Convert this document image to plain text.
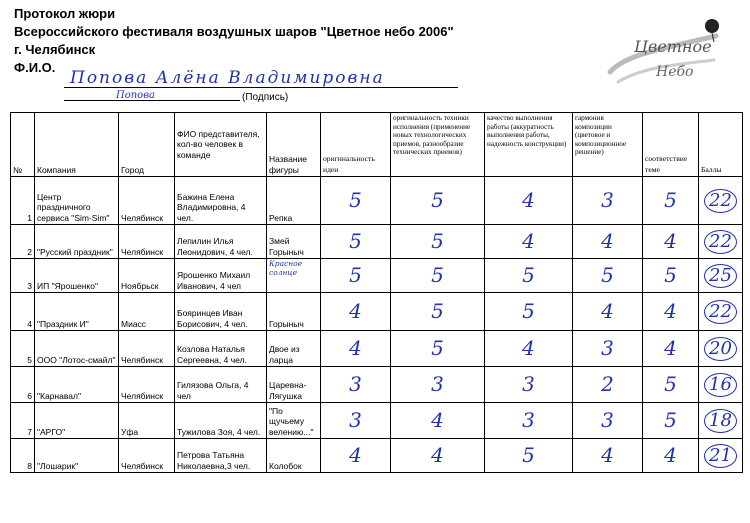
Протокол жюри
Всероссийского фестиваля воздушных шаров "Цветное небо 2006"
г. Челябинск
Ф.И.О.
Попова Алёна Владимировна
Попова	(Подпись)
Цветное
Небо
№	Компания	Город	ФИО представителя, кол-во человек в команде	Название фигуры	оригинальность идеи	оригинальность техники исполнения (применение новых технологических приемов, разнообразие технических приемов)	качество выполнения работы (аккуратность выполнения работы, надежность конструкции)	гармония композиции (цветовое и композиционное решение)	соответствие теме	Баллы
1	Центр праздничного сервиса "Sim-Sim"	Челябинск	Бажина Елена Владимировна, 4 чел.	Репка	5	5	4	3	5	22
2	"Русский праздник"	Челябинск	Лепилин Илья Леонидович, 4 чел.	Змей Горыныч	5	5	4	4	4	22
3	ИП "Ярошенко"	Ноябрьск	Ярошенко Михаил Иванович, 4 чел	Красное солнце	5	5	5	5	5	25
4	"Праздник И"	Миасс	Бояринцев Иван Борисович, 4 чел.	Горыныч	4	5	5	4	4	22
5	ООО "Лотос-смайл"	Челябинск	Козлова Наталья Сергеевна, 4 чел.	Двое из ларца	4	5	4	3	4	20
6	"Карнавал"	Челябинск	Гилязова Ольга, 4 чел	Царевна-Лягушка	3	3	3	2	5	16
7	"АРГО"	Уфа	Тужилова Зоя, 4 чел.	"По щучьему велению..."	3	4	3	3	5	18
8	"Лошарик"	Челябинск	Петрова Татьяна Николаевна,3 чел.	Колобок	4	4	5	4	4	21
